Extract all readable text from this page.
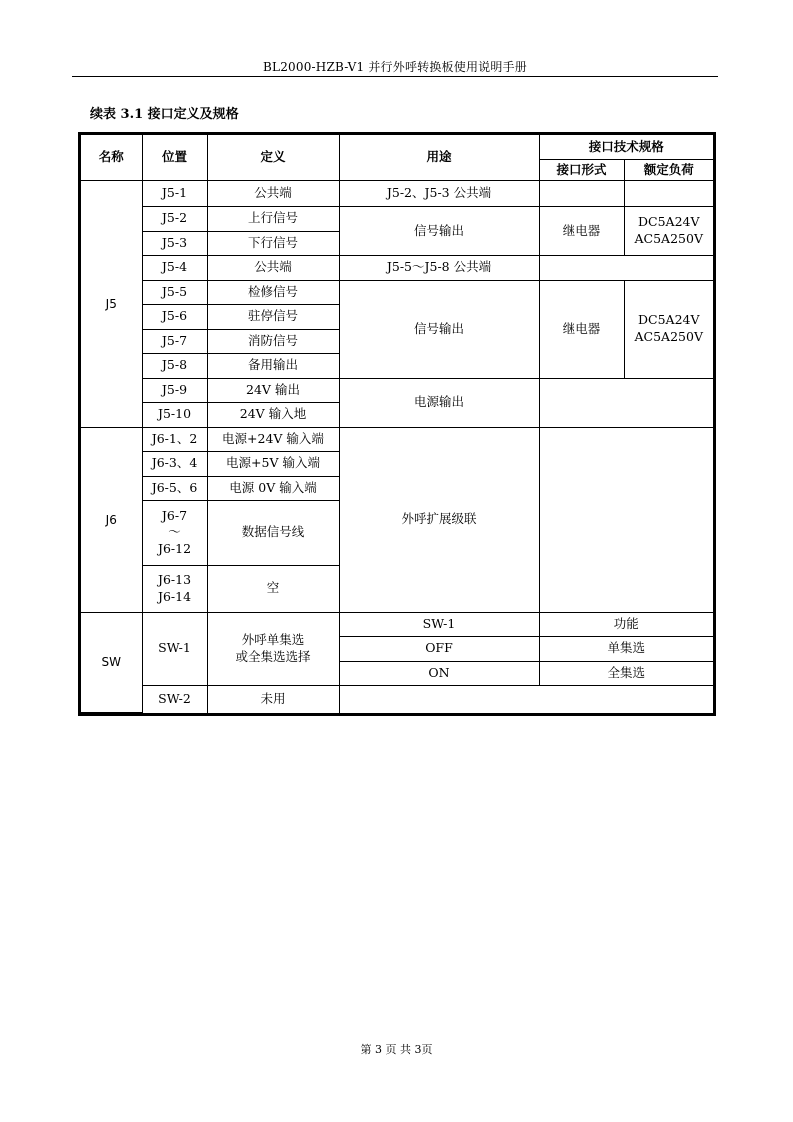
BL2000-HZB-V1 并行外呼转换板使用说明手册
续表 3.1 接口定义及规格
名称	位置	定义	用途	接口技术规格	
				接口形式	额定负荷
J5	J5-1	公共端	J5-2、J5-3 公共端		
	J5-2	上行信号	信号输出	继电器	DC5A24V
AC5A250V

	J5-3	下行信号			
	J5-4	公共端	J5-5～J5-8 公共端		
	J5-5	检修信号	信号输出	继电器	DC5A24V
AC5A250V

	J5-6	驻停信号			
	J5-7	消防信号			
	J5-8	备用输出			
	J5-9	24V 输出	电源输出		
	J5-10	24V 输入地			
J6	J6-1、2	电源+24V 输入端	外呼扩展级联		
	J6-3、4	电源+5V 输入端			
	J6-5、6	电源 0V 输入端			

	J6-7
～
J6-12	数据信号线			

	J6-13
J6-14	空			
SW	SW-1	外呼单集选
或全集选选择	SW-1	功能	
			OFF	单集选	
			ON	全集选	
	SW-2	未用			
第 3 页 共 3页
